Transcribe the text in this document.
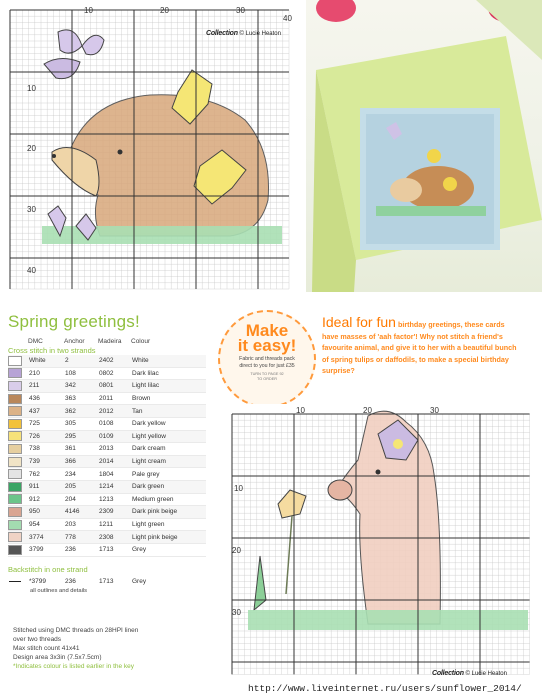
10	20	30
40
10
20
30
40
Collection © Lucie Heaton
Spring greetings!
DMC	Anchor	Madeira	Colour
Cross stitch in two strands
White	2	2402	White
210	108	0802	Dark lilac
211	342	0801	Light lilac
436	363	2011	Brown
437	362	2012	Tan
725	305	0108	Dark yellow
726	295	0109	Light yellow
738	361	2013	Dark cream
739	366	2014	Light cream
762	234	1804	Pale grey
911	205	1214	Dark green
912	204	1213	Medium green
950	4146	2309	Dark pink beige
954	203	1211	Light green
3774	778	2308	Light pink beige
3799	236	1713	Grey
Backstitch in one strand
*3799	236	1713	Grey
all outlines and details
Stitched using DMC threads on 28HPI linen
over two threads
Max stitch count 41x41
Design area 3x3in (7.5x7.5cm)
*Indicates colour is listed earlier in the key
Make
it easy!
Fabric and threads pack direct to you for just £35
TURN TO PAGE 92 TO ORDER
Ideal for fun birthday greetings, these cards have masses of 'aah factor'! Why not stitch a friend's favourite animal, and give it to her with a beautiful bunch of spring tulips or daffodils, to make a special birthday surprise?
10	20	30
10
20
30
Collection © Lucie Heaton
http://www.liveinternet.ru/users/sunflower_2014/
